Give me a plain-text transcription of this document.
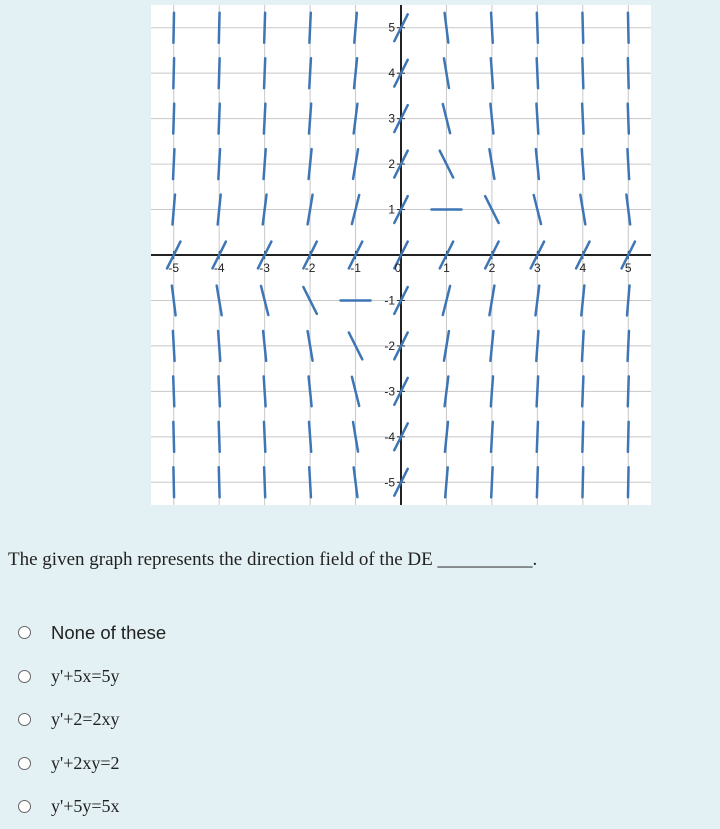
-5	-4	-3	-2	-1	0	1	2	3	4	5
-5
-4
-3
-2
-1
1
2
3
4
5

The given graph represents the direction field of the DE __________.

None of these
y'+5x=5y
y'+2=2xy
y'+2xy=2
y'+5y=5x
